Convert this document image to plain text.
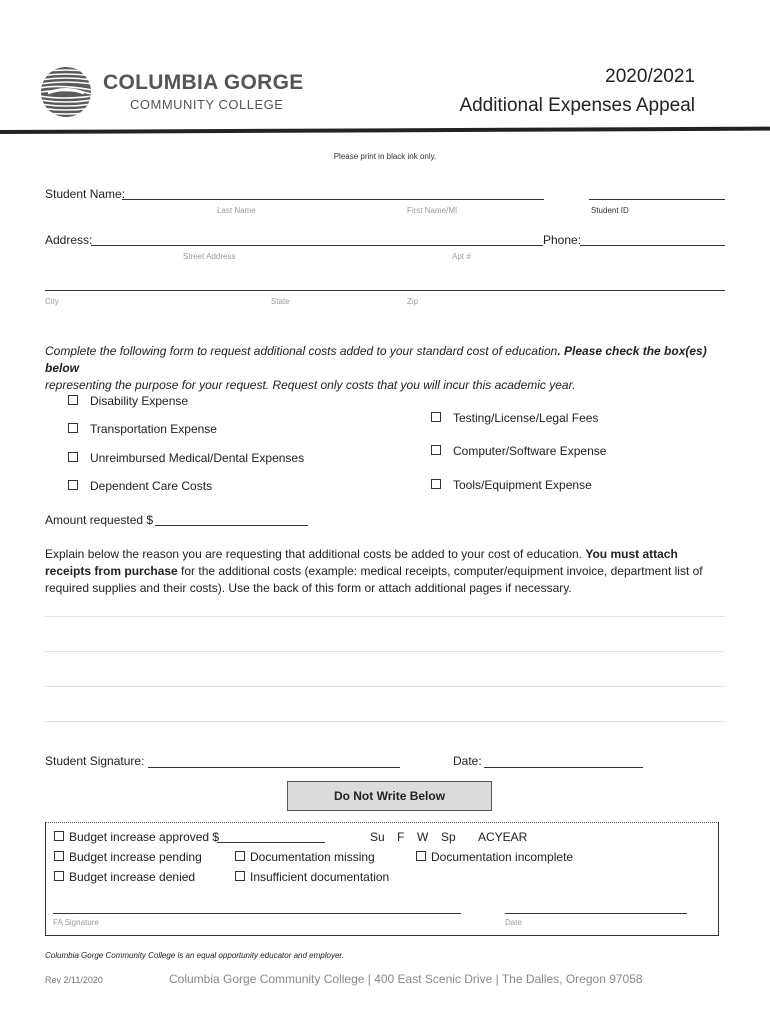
COLUMBIA GORGE
COMMUNITY COLLEGE
2020/2021
Additional Expenses Appeal
Please print in black ink only.
Student Name:
Last Name	First Name/MI	Student ID
Address:	Phone:
Street Address	Apt #
City	State	Zip
Complete the following form to request additional costs added to your standard cost of education. Please check the box(es) below
representing the purpose for your request. Request only costs that you will incur this academic year.
Disability Expense
Transportation Expense
Unreimbursed Medical/Dental Expenses
Dependent Care Costs
Testing/License/Legal Fees
Computer/Software Expense
Tools/Equipment Expense
Amount requested $
Explain below the reason you are requesting that additional costs be added to your cost of education. You must attach
receipts from purchase for the additional costs (example: medical receipts, computer/equipment invoice, department list of
required supplies and their costs). Use the back of this form or attach additional pages if necessary.
Student Signature:	Date:
Do Not Write Below
Budget increase approved $	Su F W Sp ACYEAR
Budget increase pending	Documentation missing	Documentation incomplete
Budget increase denied	Insufficient documentation
FA Signature	Date
Columbia Gorge Community College is an equal opportunity educator and employer.
Rev 2/11/2020	Columbia Gorge Community College | 400 East Scenic Drive | The Dalles, Oregon 97058
